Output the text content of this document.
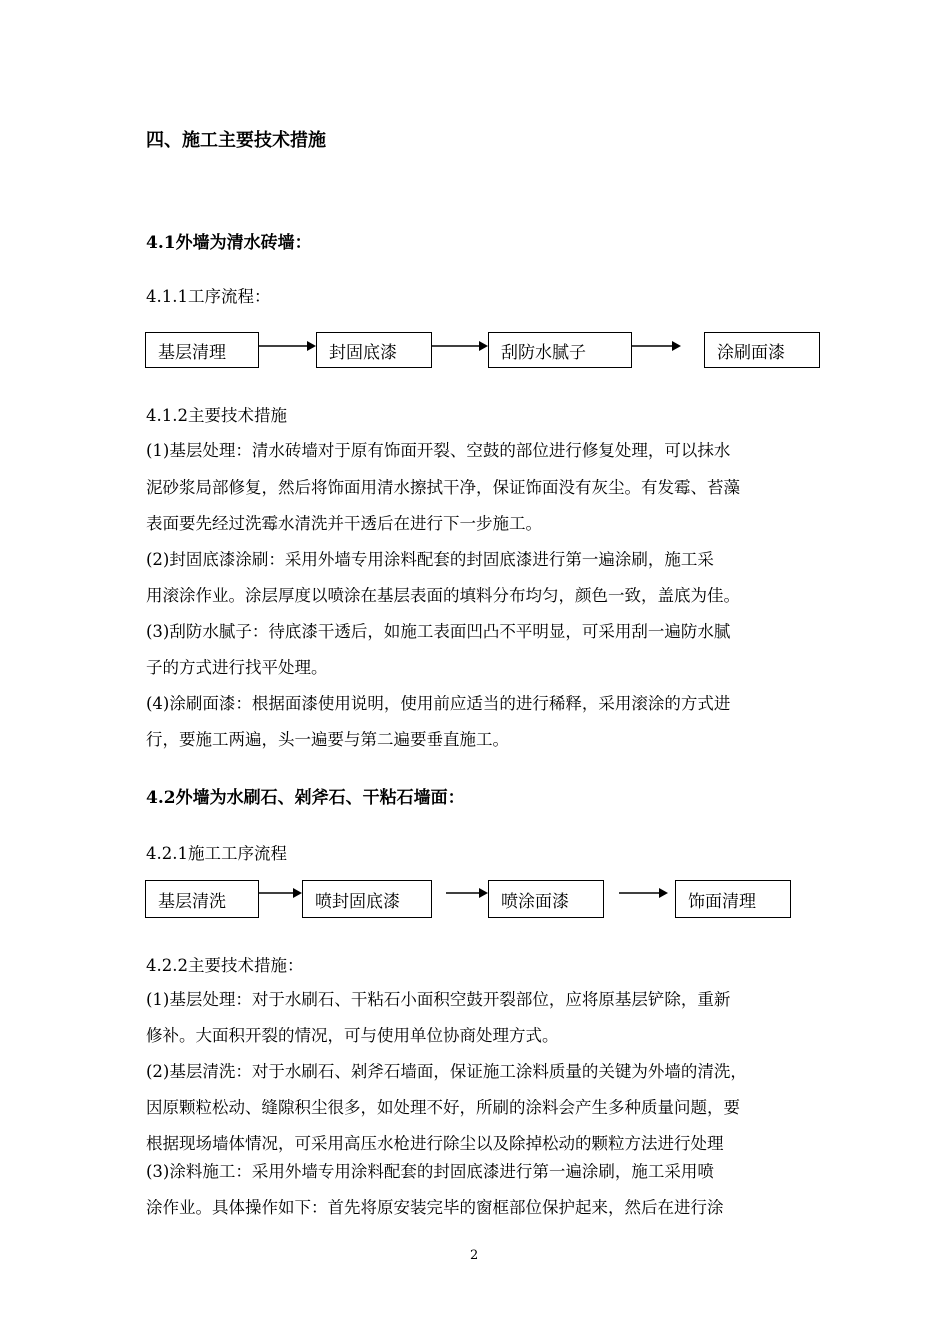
四、施工主要技术措施
4.1外墙为清水砖墙：
4.1.1工序流程：
基层清理	封固底漆	刮防水腻子	涂刷面漆
4.1.2主要技术措施
(1)基层处理：清水砖墙对于原有饰面开裂、空鼓的部位进行修复处理，可以抹水
泥砂浆局部修复，然后将饰面用清水擦拭干净，保证饰面没有灰尘。有发霉、苔藻
表面要先经过洗霉水清洗并干透后在进行下一步施工。
(2)封固底漆涂刷：采用外墙专用涂料配套的封固底漆进行第一遍涂刷，施工采
用滚涂作业。涂层厚度以喷涂在基层表面的填料分布均匀，颜色一致，盖底为佳。
(3)刮防水腻子：待底漆干透后，如施工表面凹凸不平明显，可采用刮一遍防水腻
子的方式进行找平处理。
(4)涂刷面漆：根据面漆使用说明，使用前应适当的进行稀释，采用滚涂的方式进
行，要施工两遍，头一遍要与第二遍要垂直施工。
4.2外墙为水刷石、剁斧石、干粘石墙面：
4.2.1施工工序流程
基层清洗	喷封固底漆	喷涂面漆	饰面清理
4.2.2主要技术措施：
(1)基层处理：对于水刷石、干粘石小面积空鼓开裂部位，应将原基层铲除，重新
修补。大面积开裂的情况，可与使用单位协商处理方式。
(2)基层清洗：对于水刷石、剁斧石墙面，保证施工涂料质量的关键为外墙的清洗，
因原颗粒松动、缝隙积尘很多，如处理不好，所刷的涂料会产生多种质量问题，要
根据现场墙体情况，可采用高压水枪进行除尘以及除掉松动的颗粒方法进行处理
(3)涂料施工：采用外墙专用涂料配套的封固底漆进行第一遍涂刷，施工采用喷
涂作业。具体操作如下：首先将原安装完毕的窗框部位保护起来，然后在进行涂
2
